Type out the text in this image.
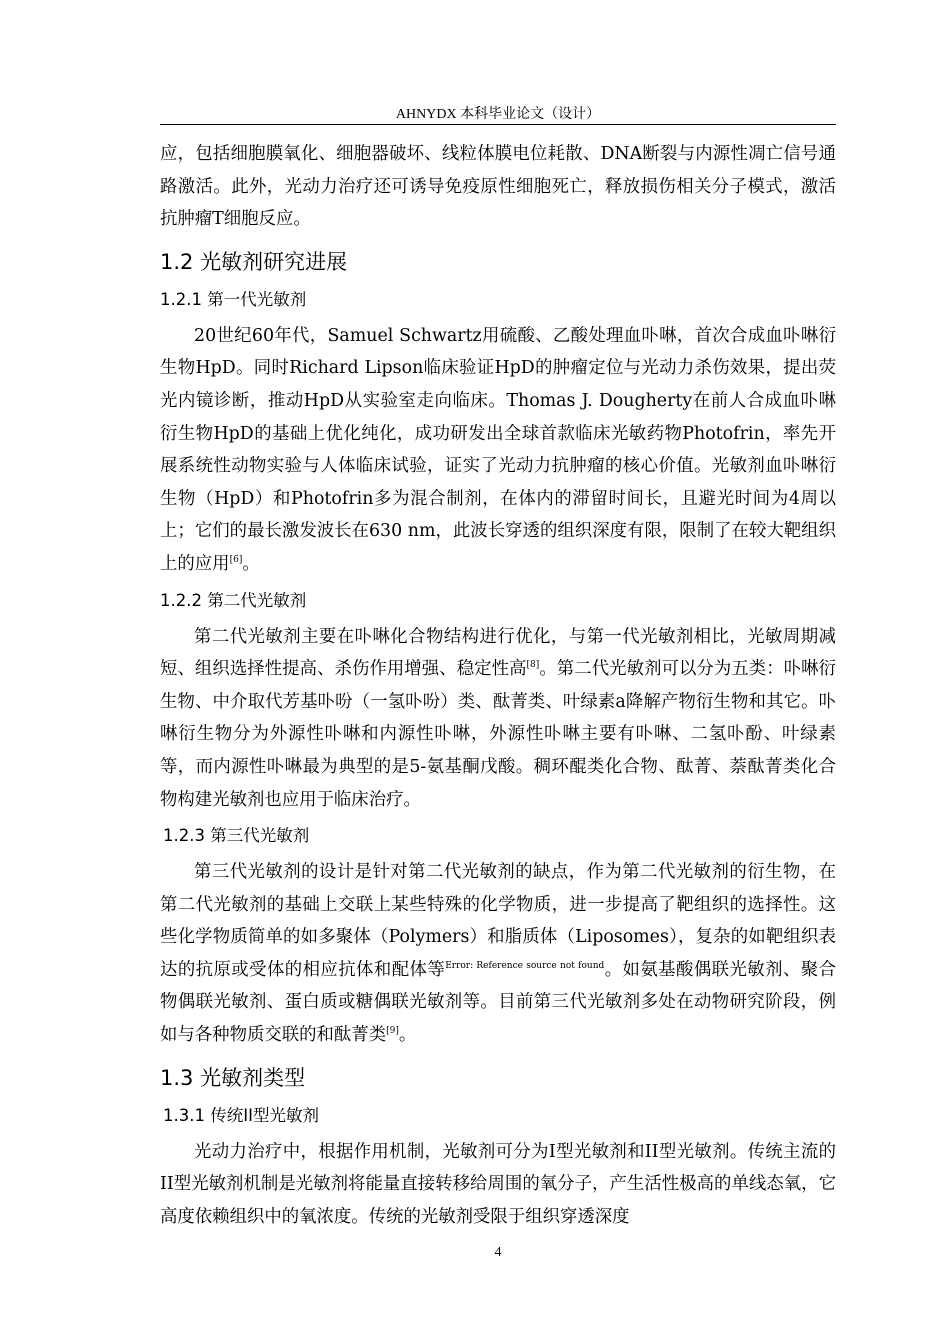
AHNYDX 本科毕业论文（设计）

应，包括细胞膜氧化、细胞器破坏、线粒体膜电位耗散、DNA断裂与内源性凋亡信号通路激活。此外，光动力治疗还可诱导免疫原性细胞死亡，释放损伤相关分子模式，激活抗肿瘤T细胞反应。

1.2 光敏剂研究进展
1.2.1 第一代光敏剂

20世纪60年代，Samuel Schwartz用硫酸、乙酸处理血卟啉，首次合成血卟啉衍生物HpD。同时Richard Lipson临床验证HpD的肿瘤定位与光动力杀伤效果，提出荧光内镜诊断，推动HpD从实验室走向临床。Thomas J. Dougherty在前人合成血卟啉衍生物HpD的基础上优化纯化，成功研发出全球首款临床光敏药物Photofrin，率先开展系统性动物实验与人体临床试验，证实了光动力抗肿瘤的核心价值。光敏剂血卟啉衍生物（HpD）和Photofrin多为混合制剂，在体内的滞留时间长，且避光时间为4周以上；它们的最长激发波长在630 nm，此波长穿透的组织深度有限，限制了在较大靶组织上的应用[6]。

1.2.2 第二代光敏剂

第二代光敏剂主要在卟啉化合物结构进行优化，与第一代光敏剂相比，光敏周期减短、组织选择性提高、杀伤作用增强、稳定性高[8]。第二代光敏剂可以分为五类：卟啉衍生物、中介取代芳基卟吩（一氢卟吩）类、酞菁类、叶绿素a降解产物衍生物和其它。卟啉衍生物分为外源性卟啉和内源性卟啉，外源性卟啉主要有卟啉、二氢卟酚、叶绿素等，而内源性卟啉最为典型的是5-氨基酮戊酸。稠环醌类化合物、酞菁、萘酞菁类化合物构建光敏剂也应用于临床治疗。

1.2.3 第三代光敏剂

第三代光敏剂的设计是针对第二代光敏剂的缺点，作为第二代光敏剂的衍生物，在第二代光敏剂的基础上交联上某些特殊的化学物质，进一步提高了靶组织的选择性。这些化学物质简单的如多聚体（Polymers）和脂质体（Liposomes），复杂的如靶组织表达的抗原或受体的相应抗体和配体等$^{Error: Reference source not found}$。如氨基酸偶联光敏剂、聚合物偶联光敏剂、蛋白质或糖偶联光敏剂等。目前第三代光敏剂多处在动物研究阶段，例如与各种物质交联的和酞菁类[9]。

1.3 光敏剂类型
1.3.1 传统II型光敏剂

光动力治疗中，根据作用机制，光敏剂可分为I型光敏剂和II型光敏剂。传统主流的II型光敏剂机制是光敏剂将能量直接转移给周围的氧分子，产生活性极高的单线态氧，它高度依赖组织中的氧浓度。传统的光敏剂受限于组织穿透深度

4
